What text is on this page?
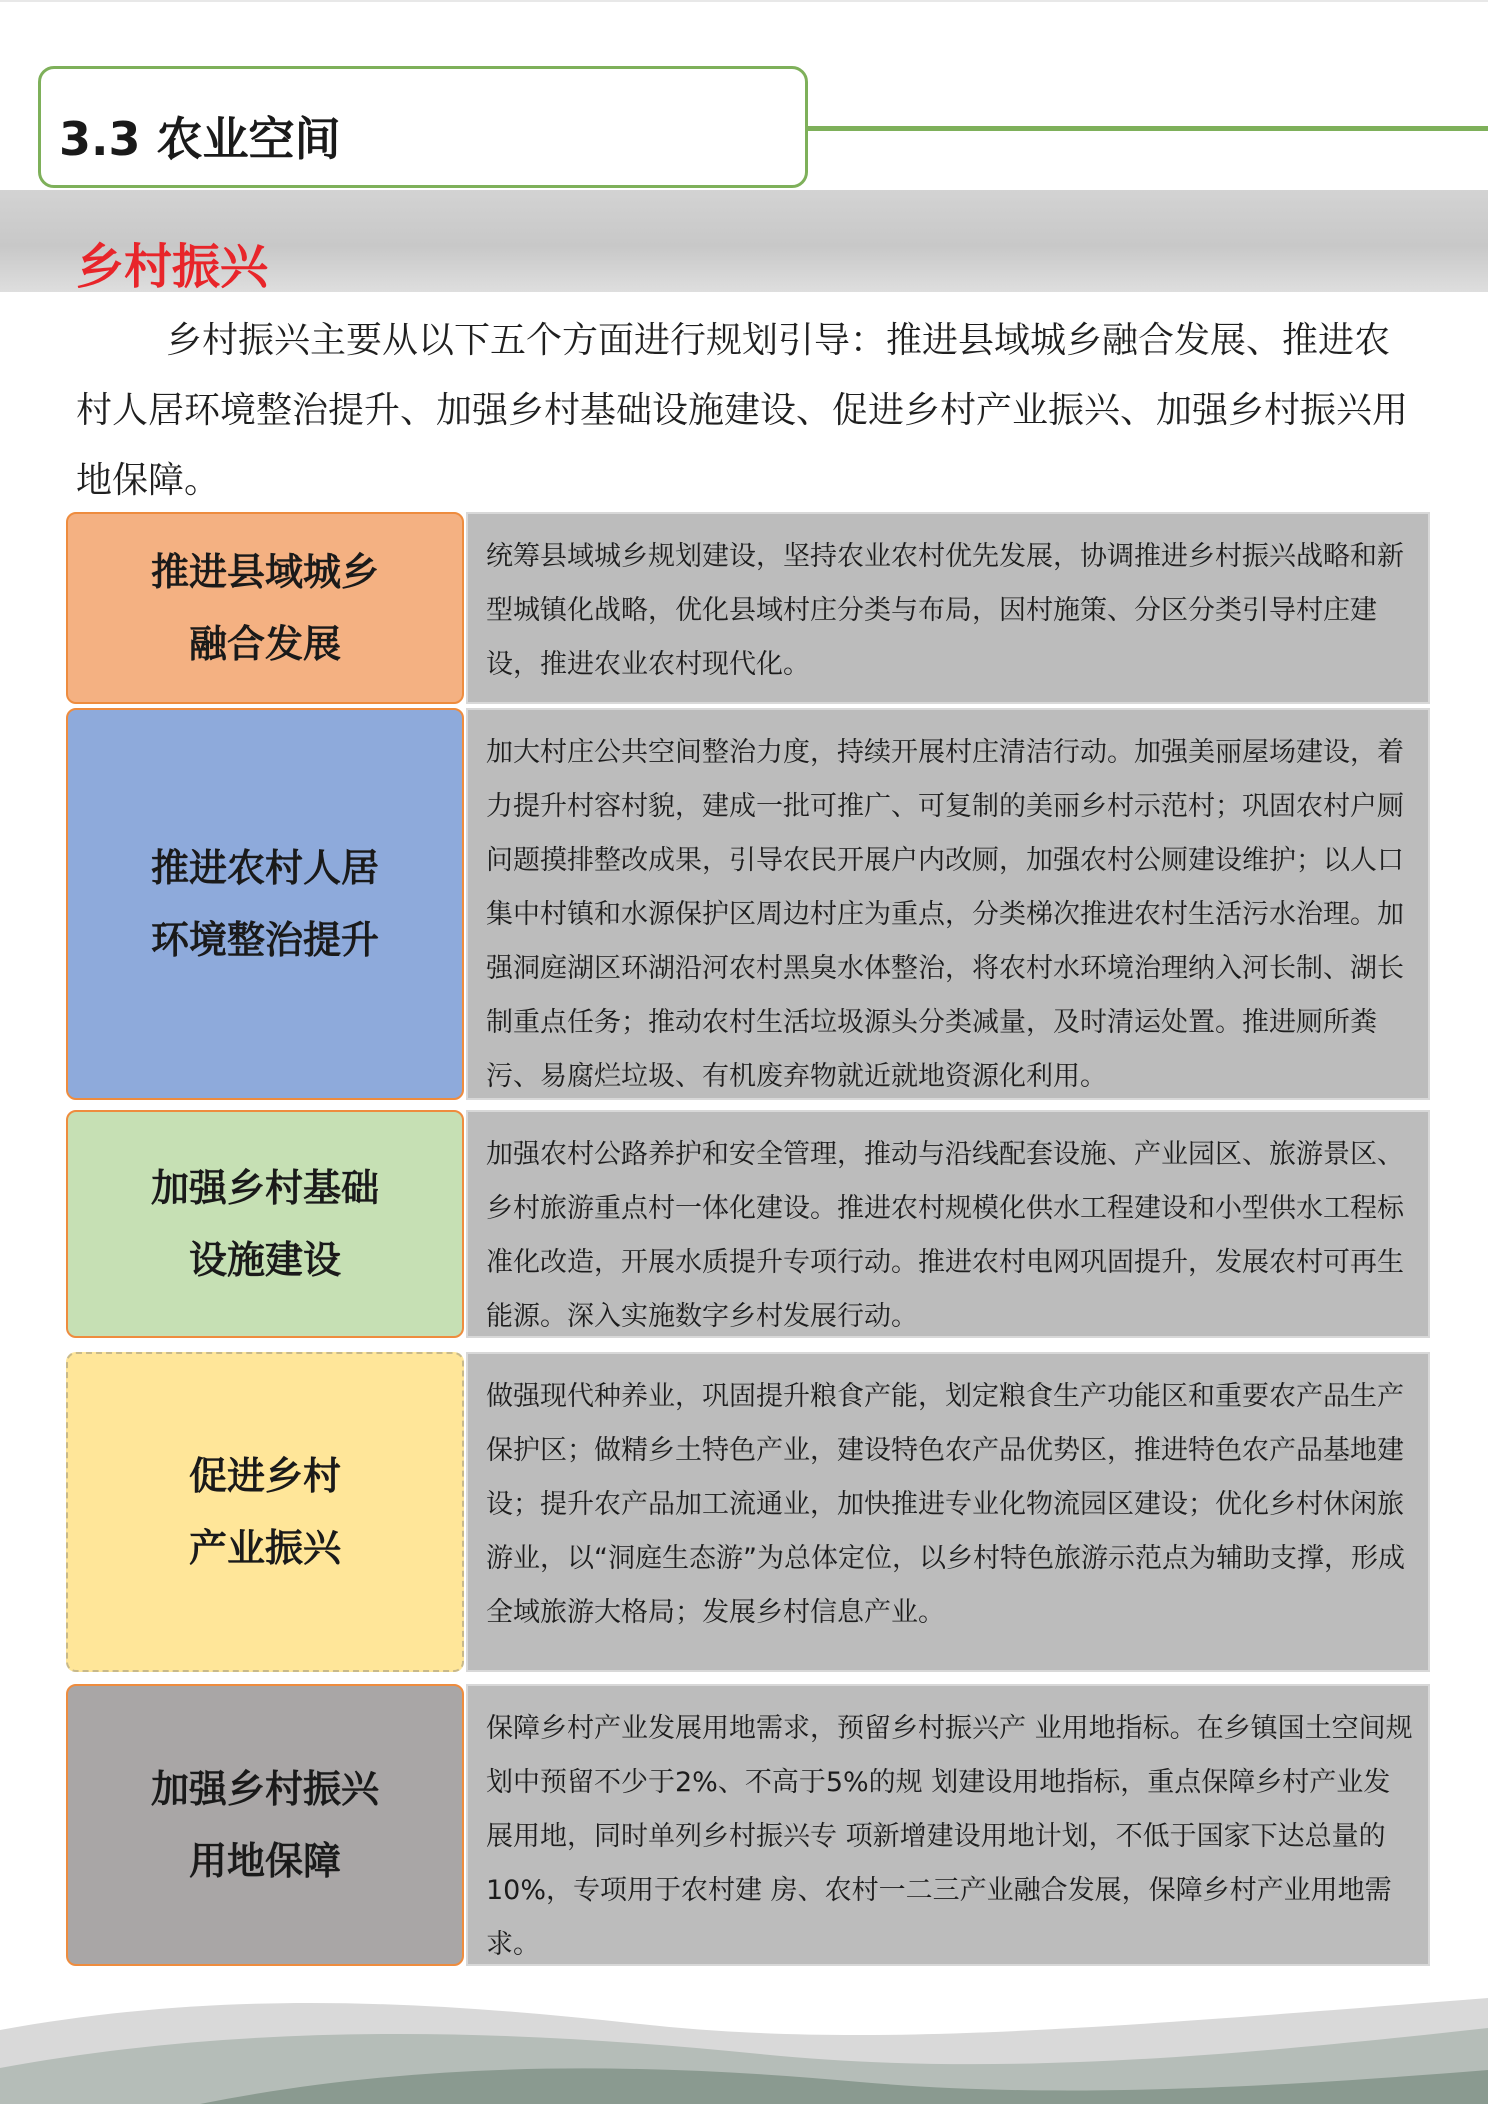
3.3 农业空间
乡村振兴

乡村振兴主要从以下五个方面进行规划引导：推进县域城乡融合发展、推进农村人居环境整治提升、加强乡村基础设施建设、促进乡村产业振兴、加强乡村振兴用地保障。

推进县域城乡
融合发展

统筹县域城乡规划建设，坚持农业农村优先发展，协调推进乡村振兴战略和新型城镇化战略，优化县域村庄分类与布局，因村施策、分区分类引导村庄建设，推进农业农村现代化。

推进农村人居
环境整治提升

加大村庄公共空间整治力度，持续开展村庄清洁行动。加强美丽屋场建设，着力提升村容村貌，建成一批可推广、可复制的美丽乡村示范村；巩固农村户厕问题摸排整改成果，引导农民开展户内改厕，加强农村公厕建设维护；以人口集中村镇和水源保护区周边村庄为重点，分类梯次推进农村生活污水治理。加强洞庭湖区环湖沿河农村黑臭水体整治，将农村水环境治理纳入河长制、湖长制重点任务；推动农村生活垃圾源头分类减量，及时清运处置。推进厕所粪污、易腐烂垃圾、有机废弃物就近就地资源化利用。

加强乡村基础
设施建设

加强农村公路养护和安全管理，推动与沿线配套设施、产业园区、旅游景区、乡村旅游重点村一体化建设。推进农村规模化供水工程建设和小型供水工程标准化改造，开展水质提升专项行动。推进农村电网巩固提升，发展农村可再生能源。深入实施数字乡村发展行动。

促进乡村
产业振兴

做强现代种养业，巩固提升粮食产能，划定粮食生产功能区和重要农产品生产保护区；做精乡土特色产业，建设特色农产品优势区，推进特色农产品基地建设；提升农产品加工流通业，加快推进专业化物流园区建设；优化乡村休闲旅游业，以“洞庭生态游”为总体定位，以乡村特色旅游示范点为辅助支撑，形成全域旅游大格局；发展乡村信息产业。

加强乡村振兴
用地保障

保障乡村产业发展用地需求，预留乡村振兴产 业用地指标。在乡镇国土空间规划中预留不少于2%、不高于5%的规 划建设用地指标，重点保障乡村产业发展用地，同时单列乡村振兴专 项新增建设用地计划，不低于国家下达总量的10%，专项用于农村建 房、农村一二三产业融合发展，保障乡村产业用地需求。
